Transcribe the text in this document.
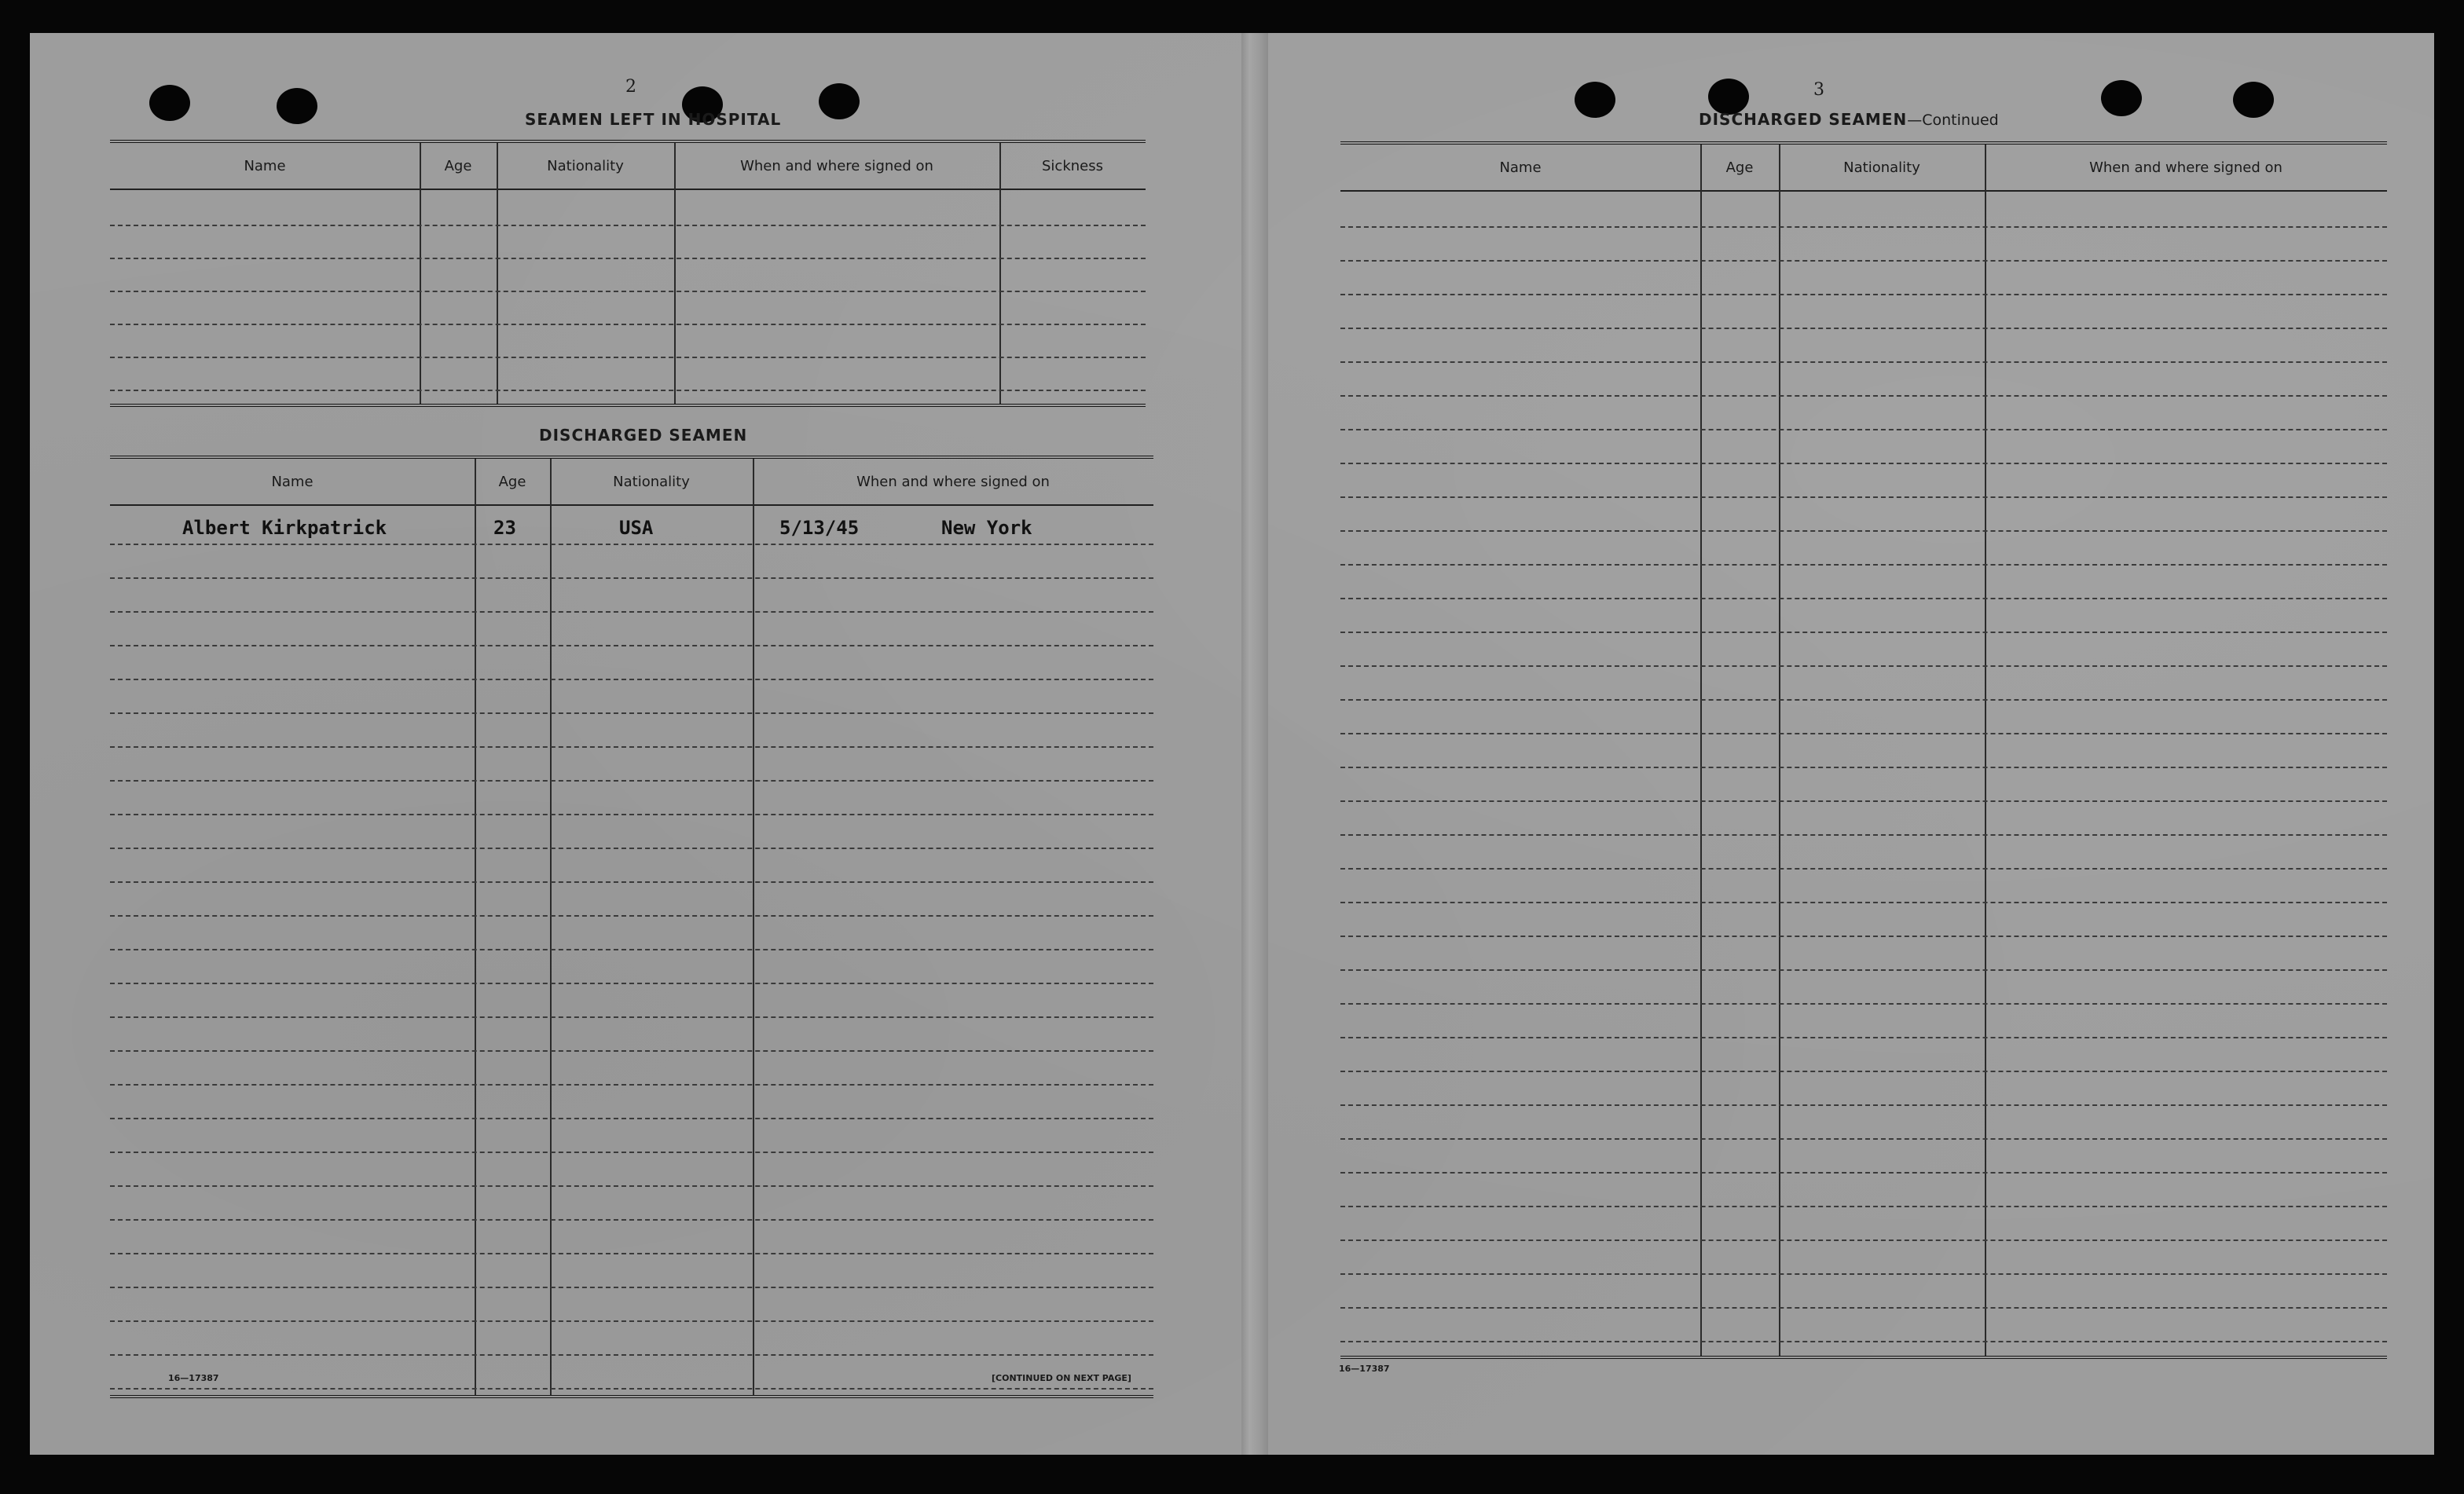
2
SEAMEN LEFT IN HOSPITAL
Name	Age	Nationality	When and where signed on	Sickness
DISCHARGED SEAMEN
Name	Age	Nationality	When and where signed on
Albert Kirkpatrick	23	USA	5/13/45	New York
16—17387	[CONTINUED ON NEXT PAGE]
3
DISCHARGED SEAMEN—Continued
Name	Age	Nationality	When and where signed on
16—17387
